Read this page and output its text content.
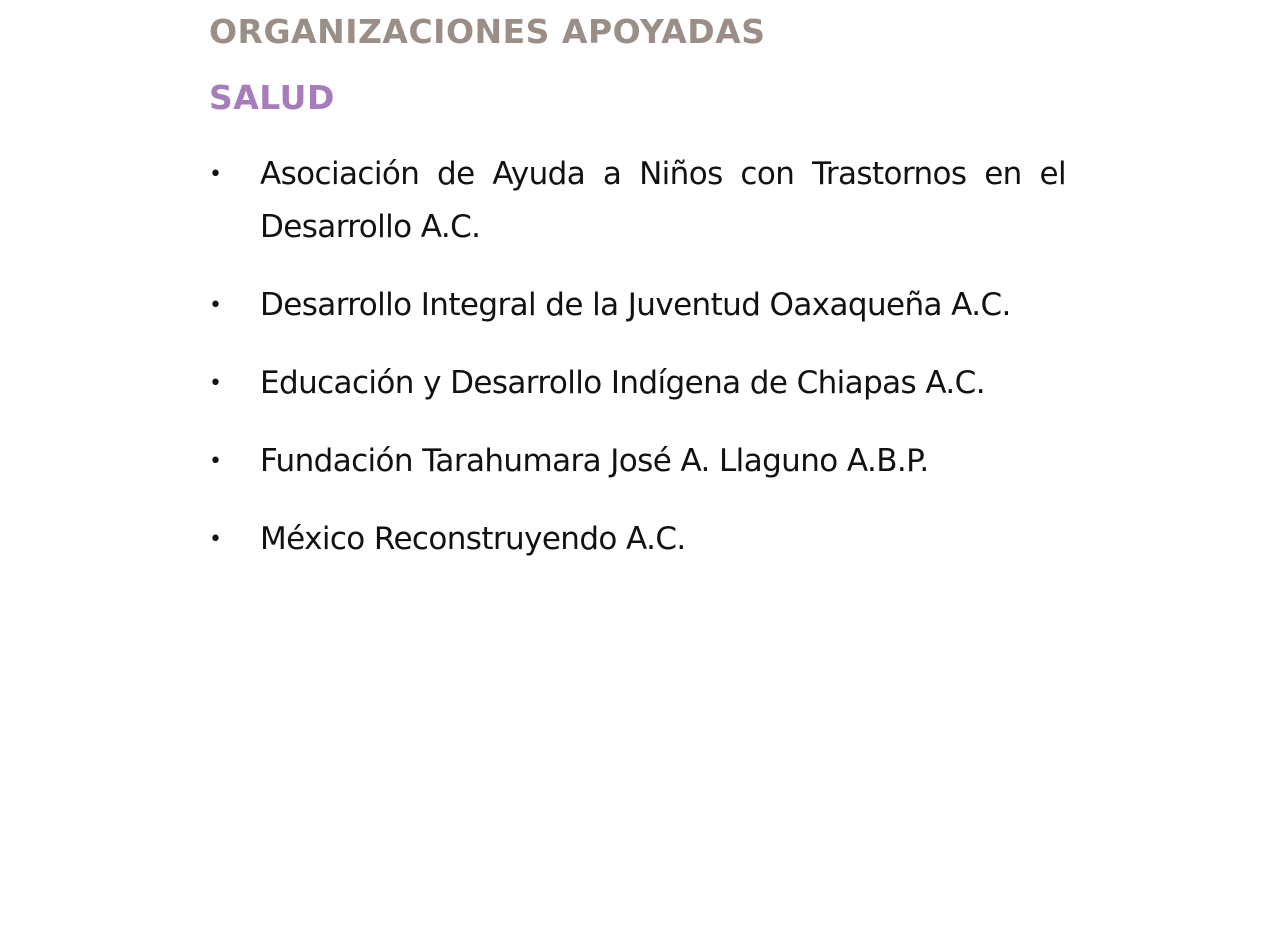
ORGANIZACIONES APOYADAS
SALUD
• Asociación de Ayuda a Niños con Trastornos en el Desarrollo A.C.
• Desarrollo Integral de la Juventud Oaxaqueña A.C.
• Educación y Desarrollo Indígena de Chiapas A.C.
• Fundación Tarahumara José A. Llaguno A.B.P.
• México Reconstruyendo A.C.
